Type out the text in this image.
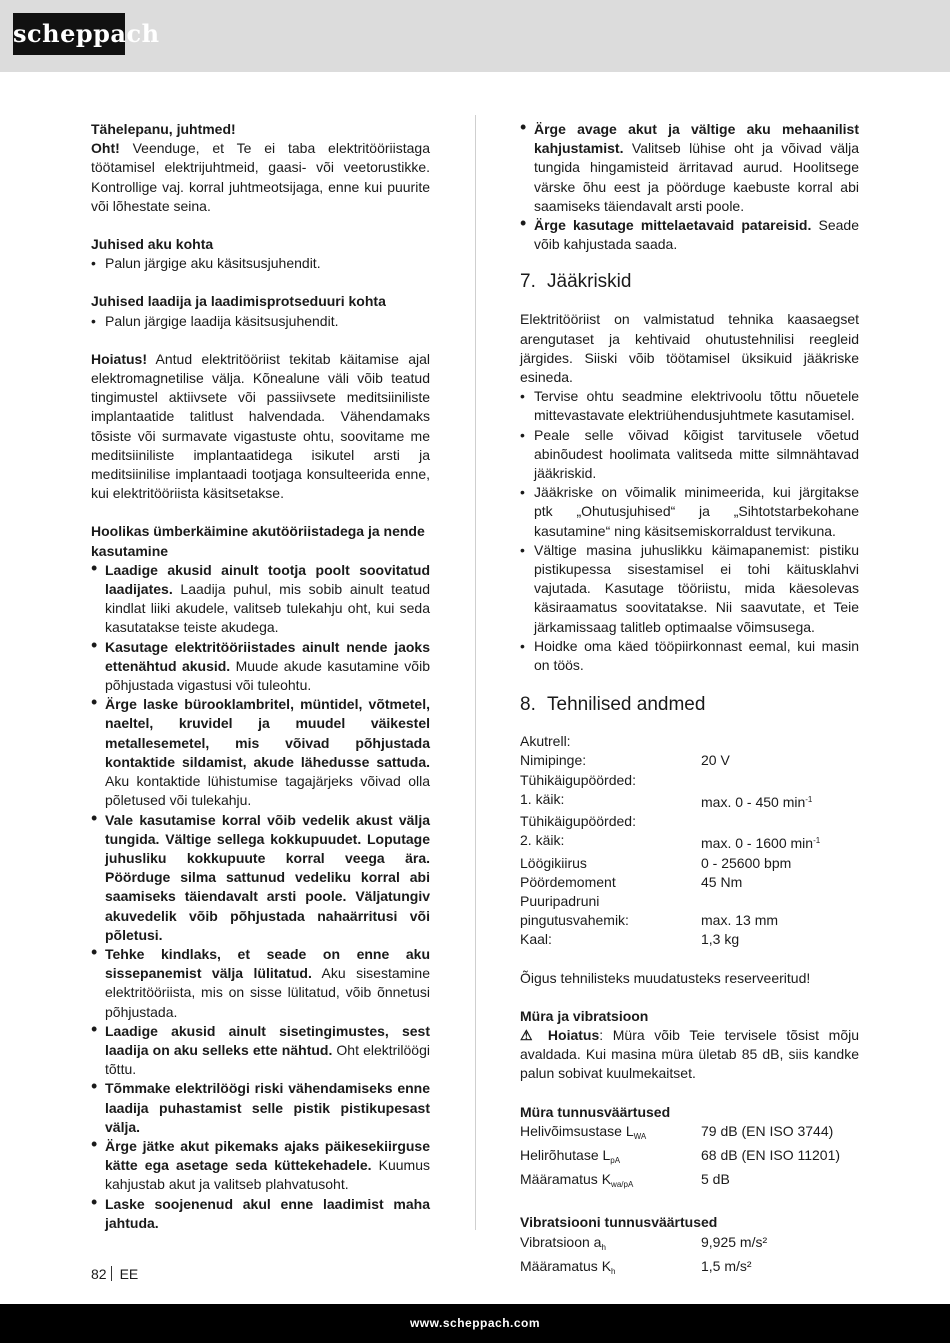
scheppach

Tähelepanu, juhtmed!

Oht! Veenduge, et Te ei taba elektritööriistaga töötamisel elektrijuhtmeid, gaasi- või veetorustikke. Kontrollige vaj. korral juhtmeotsijaga, enne kui puurite või lõhestate seina.

Juhised aku kohta

• Palun järgige aku käsitsusjuhendit.

Juhised laadija ja laadimisprotseduuri kohta

• Palun järgige laadija käsitsusjuhendit.

Hoiatus! Antud elektritööriist tekitab käitamise ajal elektromagnetilise välja. Kõnealune väli võib teatud tingimustel aktiivsete või passiivsete meditsiiniliste implantaatide talitlust halvendada. Vähendamaks tõsiste või surmavate vigastuste ohtu, soovitame me meditsiiniliste implantaatidega isikutel arsti ja meditsiinilise implantaadi tootjaga konsulteerida enne, kui elektritööriista käsitsetakse.

Hoolikas ümberkäimine akutööriistadega ja nende kasutamine

• Laadige akusid ainult tootja poolt soovitatud laadijates. Laadija puhul, mis sobib ainult teatud kindlat liiki akudele, valitseb tulekahju oht, kui seda kasutatakse teiste akudega.
• Kasutage elektritööriistades ainult nende jaoks ettenähtud akusid. Muude akude kasutamine võib põhjustada vigastusi või tuleohtu.
• Ärge laske bürooklambritel, müntidel, võtmetel, naeltel, kruvidel ja muudel väikestel metallesemetel, mis võivad põhjustada kontaktide sildamist, akude lähedusse sattuda. Aku kontaktide lühistumise tagajärjeks võivad olla põletused või tulekahju.
• Vale kasutamise korral võib vedelik akust välja tungida. Vältige sellega kokkupuudet. Loputage juhusliku kokkupuute korral veega ära. Pöörduge silma sattunud vedeliku korral abi saamiseks täiendavalt arsti poole. Väljatungiv akuvedelik võib põhjustada nahaärritusi või põletusi.
• Tehke kindlaks, et seade on enne aku sissepanemist välja lülitatud. Aku sisestamine elektritööriista, mis on sisse lülitatud, võib õnnetusi põhjustada.
• Laadige akusid ainult sisetingimustes, sest laadija on aku selleks ette nähtud. Oht elektrilöögi tõttu.
• Tõmmake elektrilöögi riski vähendamiseks enne laadija puhastamist selle pistik pistikupesast välja.
• Ärge jätke akut pikemaks ajaks päikesekiirguse kätte ega asetage seda küttekehadele. Kuumus kahjustab akut ja valitseb plahvatusoht.
• Laske soojenenud akul enne laadimist maha jahtuda.
• Ärge avage akut ja vältige aku mehaanilist kahjustamist. Valitseb lühise oht ja võivad välja tungida hingamisteid ärritavad aurud. Hoolitsege värske õhu eest ja pöörduge kaebuste korral abi saamiseks täiendavalt arsti poole.
• Ärge kasutage mittelaetavaid patareisid. Seade võib kahjustada saada.
7. Jääkriskid

Elektritööriist on valmistatud tehnika kaasaegset arengutaset ja kehtivaid ohutustehnilisi reegleid järgides. Siiski võib töötamisel üksikuid jääkriske esineda.

• Tervise ohtu seadmine elektrivoolu tõttu nõuetele mittevastavate elektriühendusjuhtmete kasutamisel.
• Peale selle võivad kõigist tarvitusele võetud abinõudest hoolimata valitseda mitte silmnähtavad jääkriskid.
• Jääkriske on võimalik minimeerida, kui järgitakse ptk „Ohutusjuhised“ ja „Sihtotstarbekohane kasutamine“ ning käsitsemiskorraldust tervikuna.
• Vältige masina juhuslikku käimapanemist: pistiku pistikupessa sisestamisel ei tohi käitusklahvi vajutada. Kasutage tööriistu, mida käesolevas käsiraamatus soovitatakse. Nii saavutate, et Teie järkamissaag talitleb optimaalse võimsusega.
• Hoidke oma käed tööpiirkonnast eemal, kui masin on töös.
8. Tehnilised andmed

Akutrell:

Nimipinge:	20 V

Tühikäigupöörded:

1. käik:	max. 0 - 450 $\min^{-1}$

Tühikäigupöörded:

2. käik:	max. 0 - 1600 $\min^{-1}$
Löögikiirus	0 - 25600 bpm
Pöördemoment	45 Nm

Puuripadruni

pingutusvahemik:	max. 13 mm
Kaal:	1,3 kg

Õigus tehnilisteks muudatusteks reserveeritud!

Müra ja vibratsioon

⚠ Hoiatus: Müra võib Teie tervisele tõsist mõju avaldada. Kui masina müra ületab 85 dB, siis kandke palun sobivat kuulmekaitset.

Müra tunnusväärtused

Helivõimsustase $L_{WA}$	79 dB (EN ISO 3744)
Helirõhutase $L_{pA}$	68 dB (EN ISO 11201)
Määramatus $K_{wa/pA}$	5 dB

Vibratsiooni tunnusväärtused

Vibratsioon $a_h$	9,925 m/s²
Määramatus $K_h$	1,5 m/s²
82 EE
www.scheppach.com
